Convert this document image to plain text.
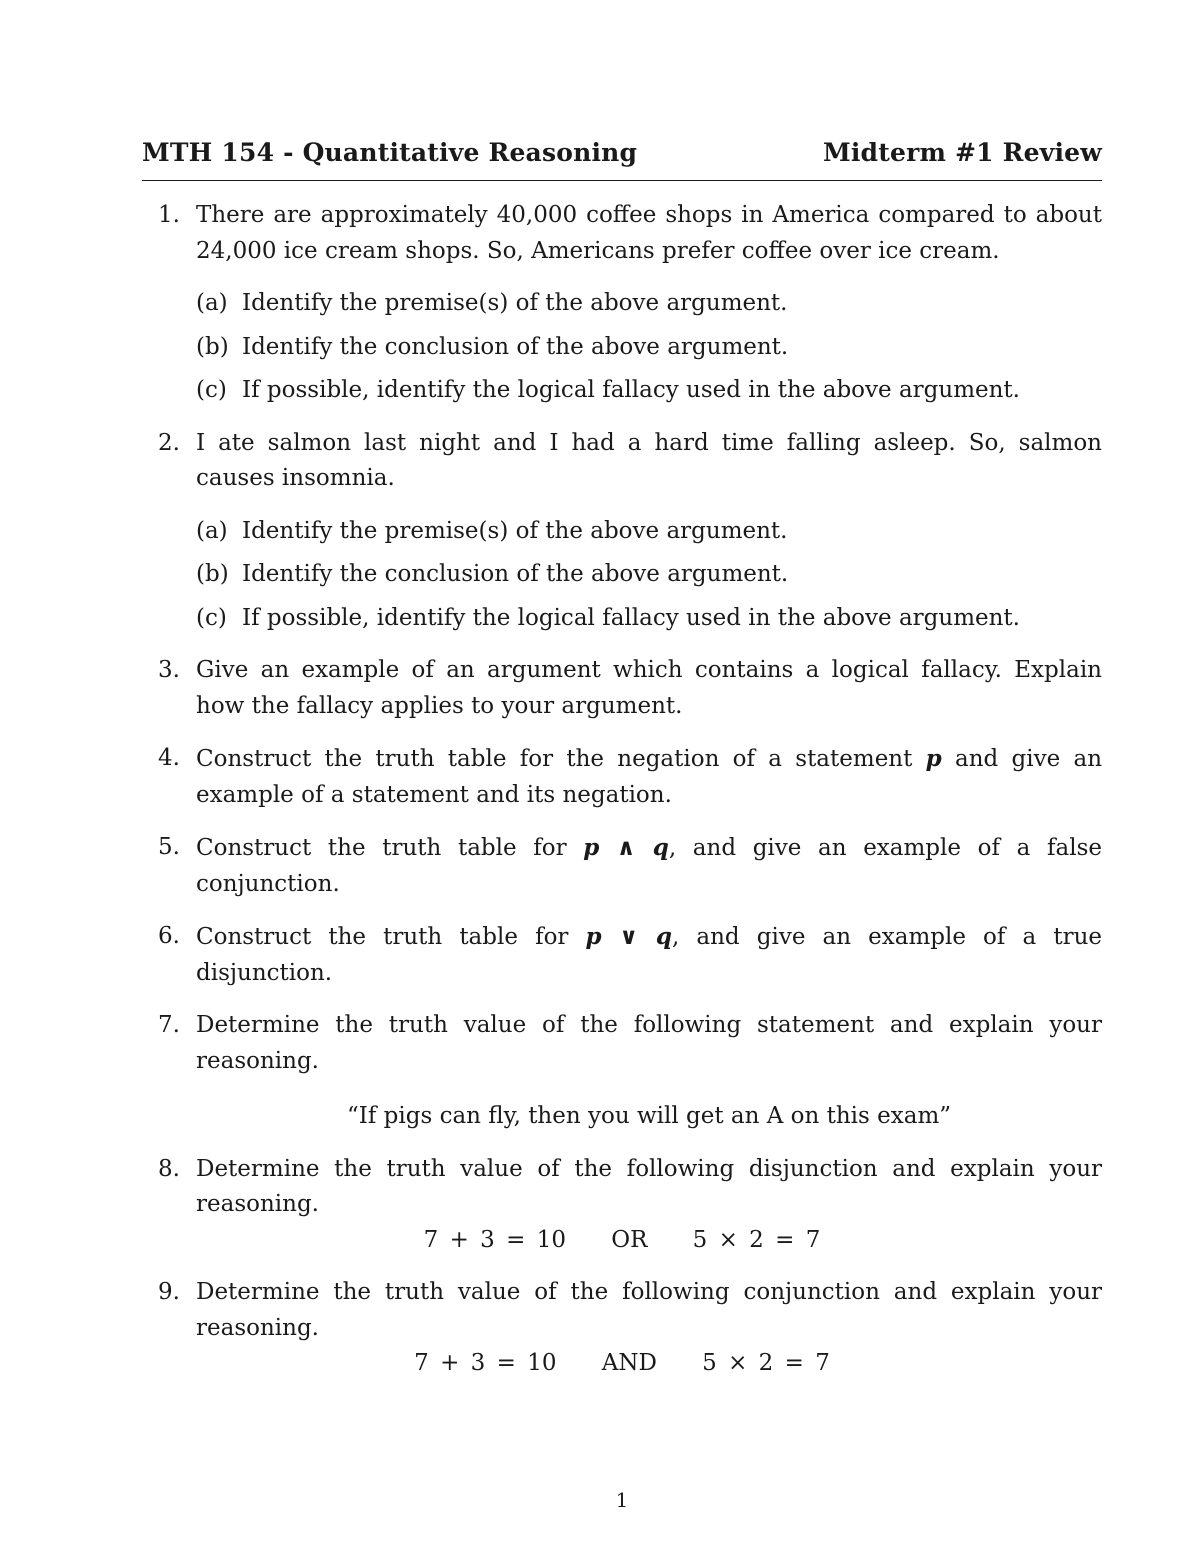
MTH 154 - Quantitative Reasoning	Midterm #1 Review
1. There are approximately 40,000 coffee shops in America compared to about 24,000 ice cream shops. So, Americans prefer coffee over ice cream.
(a) Identify the premise(s) of the above argument.
(b) Identify the conclusion of the above argument.
(c) If possible, identify the logical fallacy used in the above argument.
2. I ate salmon last night and I had a hard time falling asleep. So, salmon causes insomnia.
(a) Identify the premise(s) of the above argument.
(b) Identify the conclusion of the above argument.
(c) If possible, identify the logical fallacy used in the above argument.
3. Give an example of an argument which contains a logical fallacy. Explain how the fallacy applies to your argument.
4. Construct the truth table for the negation of a statement p and give an example of a statement and its negation.
5. Construct the truth table for p ∧ q, and give an example of a false conjunction.
6. Construct the truth table for p ∨ q, and give an example of a true disjunction.
7. Determine the truth value of the following statement and explain your reasoning.
“If pigs can fly, then you will get an A on this exam”
8. Determine the truth value of the following disjunction and explain your reasoning.
7 + 3 = 10    OR    5 × 2 = 7
9. Determine the truth value of the following conjunction and explain your reasoning.
7 + 3 = 10    AND    5 × 2 = 7
1
